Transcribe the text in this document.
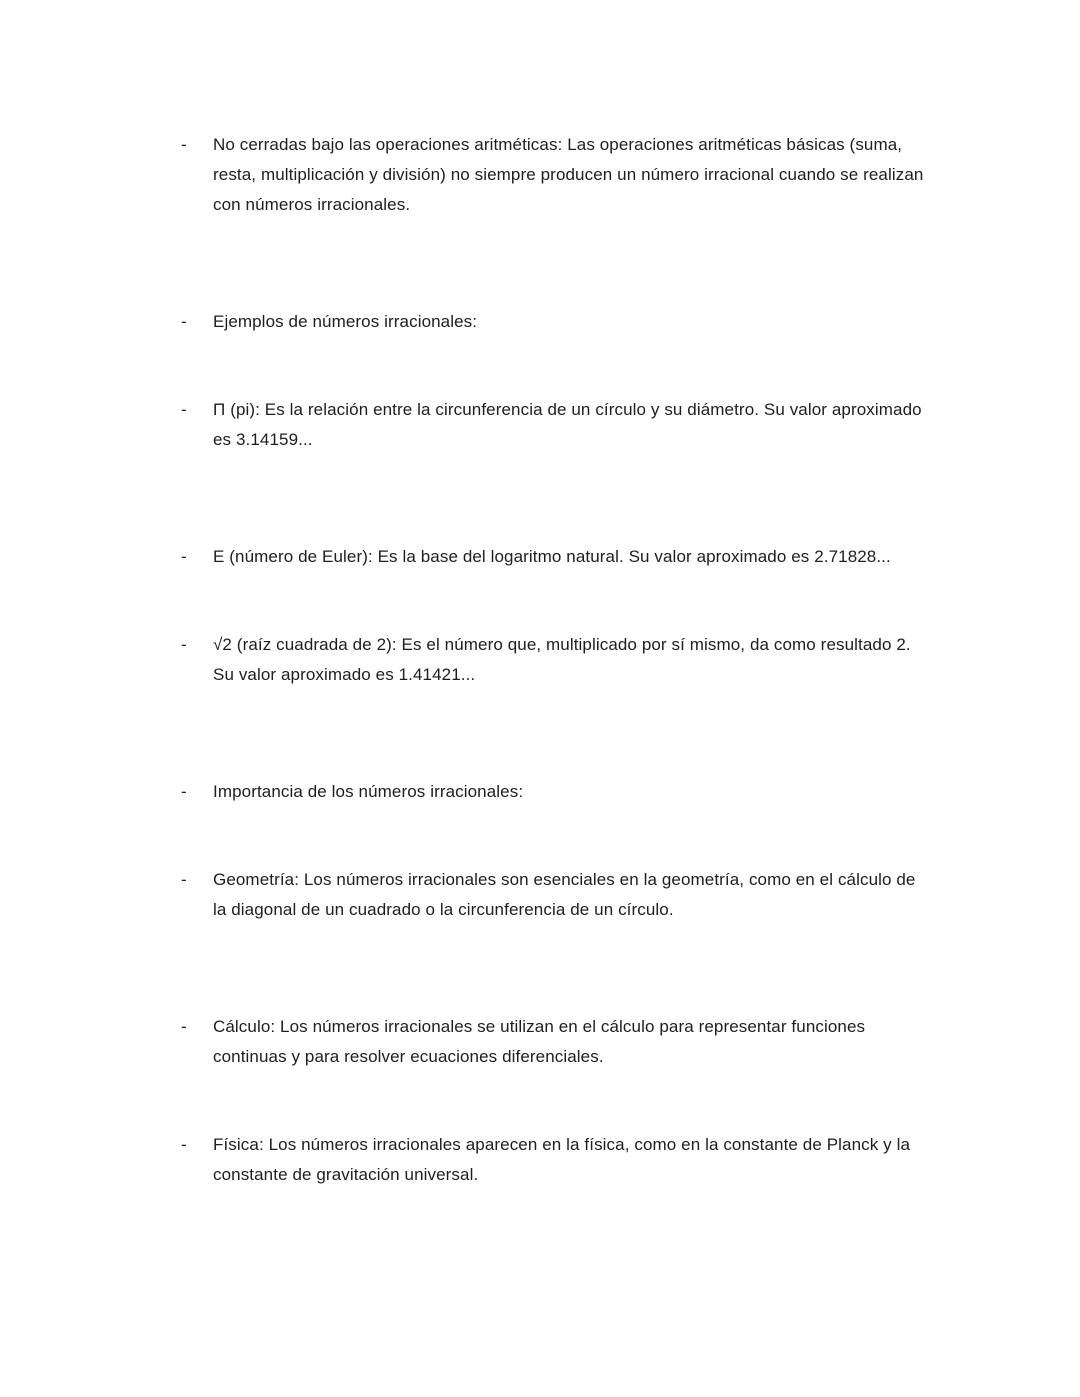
-	No cerradas bajo las operaciones aritméticas: Las operaciones aritméticas básicas (suma, resta, multiplicación y división) no siempre producen un número irracional cuando se realizan con números irracionales.
-	Ejemplos de números irracionales:
-	Π (pi): Es la relación entre la circunferencia de un círculo y su diámetro. Su valor aproximado es 3.14159...
-	E (número de Euler): Es la base del logaritmo natural. Su valor aproximado es 2.71828...
-	√2 (raíz cuadrada de 2): Es el número que, multiplicado por sí mismo, da como resultado 2. Su valor aproximado es 1.41421...
-	Importancia de los números irracionales:
-	Geometría: Los números irracionales son esenciales en la geometría, como en el cálculo de la diagonal de un cuadrado o la circunferencia de un círculo.
-	Cálculo: Los números irracionales se utilizan en el cálculo para representar funciones continuas y para resolver ecuaciones diferenciales.
-	Física: Los números irracionales aparecen en la física, como en la constante de Planck y la constante de gravitación universal.
